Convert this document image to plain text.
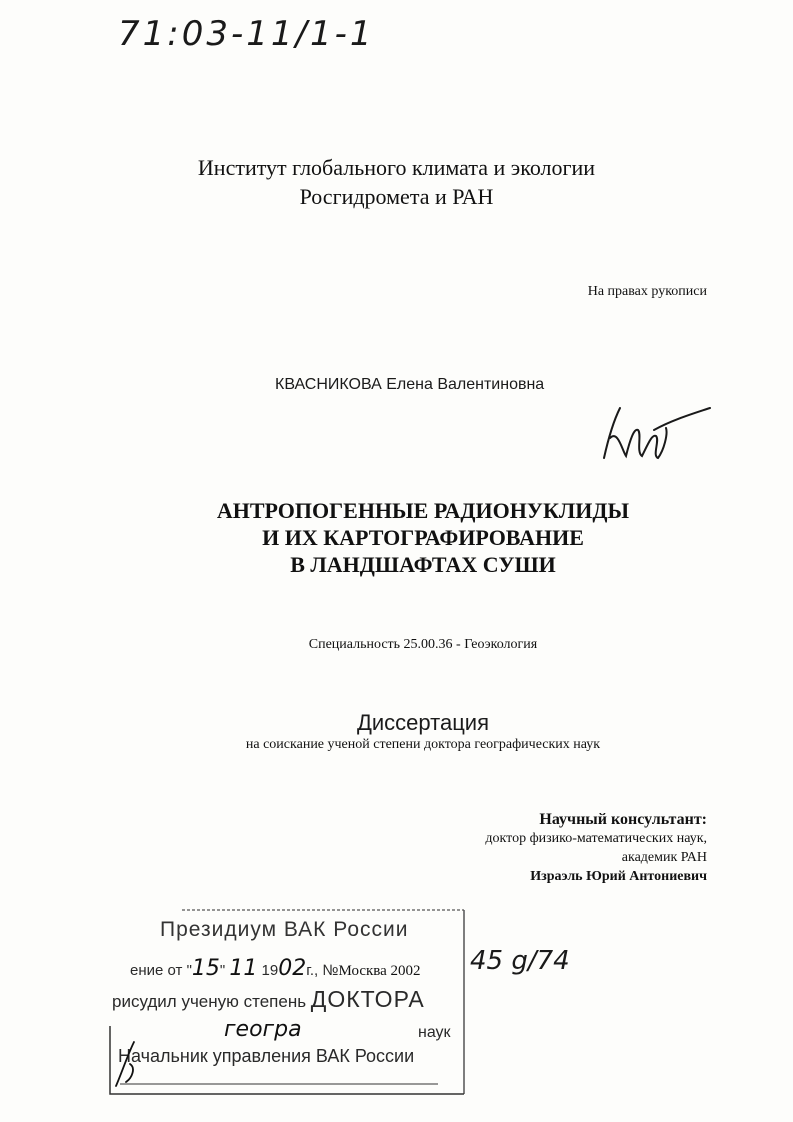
71:03-11/1-1
Институт глобального климата и экологии
Росгидромета и РАН
На правах рукописи
КВАСНИКОВА Елена Валентиновна
АНТРОПОГЕННЫЕ РАДИОНУКЛИДЫ
И ИХ КАРТОГРАФИРОВАНИЕ
В ЛАНДШАФТАХ СУШИ
Специальность 25.00.36 - Геоэкология
Диссертация
на соискание ученой степени доктора географических наук
Научный консультант:
доктор физико-математических наук,
академик РАН
Израэль Юрий Антониевич
Президиум ВАК России
ение от "15" 11 1902г., №Москва 2002
рисудил ученую степень ДОКТОРА
геогра	наук
Начальник управления ВАК России
45 g/74
